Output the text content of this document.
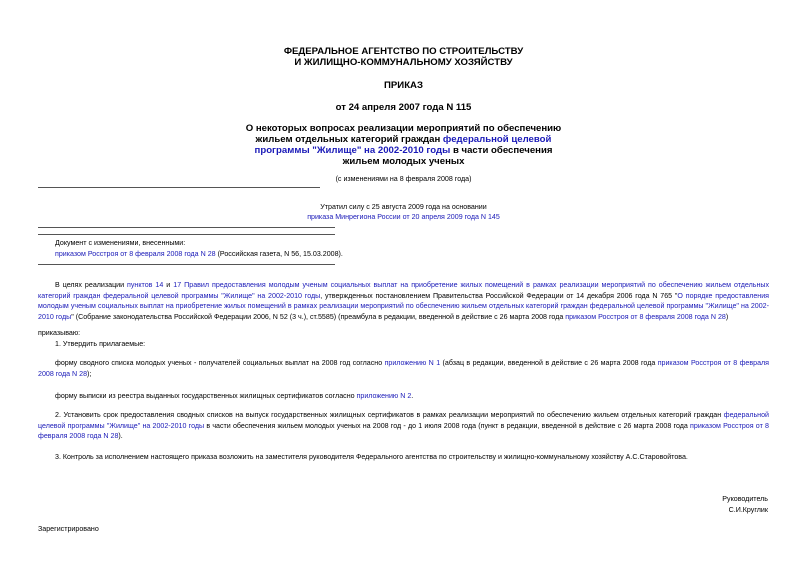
ФЕДЕРАЛЬНОЕ АГЕНТСТВО ПО СТРОИТЕЛЬСТВУ
И ЖИЛИЩНО-КОММУНАЛЬНОМУ ХОЗЯЙСТВУ
ПРИКАЗ
от 24 апреля 2007 года N 115
О некоторых вопросах реализации мероприятий по обеспечению
жильем отдельных категорий граждан федеральной целевой
программы "Жилище" на 2002-2010 годы в части обеспечения
жильем молодых ученых
(с изменениями на 8 февраля 2008 года)
Утратил силу с 25 августа 2009 года на основании
приказа Минрегиона России от 20 апреля 2009 года N 145
Документ с изменениями, внесенными:
приказом Росстроя от 8 февраля 2008 года N 28 (Российская газета, N 56, 15.03.2008).
В целях реализации пунктов 14 и 17 Правил предоставления молодым ученым социальных выплат на приобретение жилых помещений в рамках реализации мероприятий по обеспечению жильем отдельных категорий граждан федеральной целевой программы "Жилище" на 2002-2010 годы, утвержденных постановлением Правительства Российской Федерации от 14 декабря 2006 года N 765 "О порядке предоставления молодым ученым социальных выплат на приобретение жилых помещений в рамках реализации мероприятий по обеспечению жильем отдельных категорий граждан федеральной целевой программы "Жилище" на 2002-2010 годы" (Собрание законодательства Российской Федерации 2006, N 52 (3 ч.), ст.5585) (преамбула в редакции, введенной в действие с 26 марта 2008 года приказом Росстроя от 8 февраля 2008 года N 28)
приказываю:
1. Утвердить прилагаемые:
форму сводного списка молодых ученых - получателей социальных выплат на 2008 год согласно приложению N 1 (абзац в редакции, введенной в действие с 26 марта 2008 года приказом Росстроя от 8 февраля 2008 года N 28);
форму выписки из реестра выданных государственных жилищных сертификатов согласно приложению N 2.
2. Установить срок предоставления сводных списков на выпуск государственных жилищных сертификатов в рамках реализации мероприятий по обеспечению жильем отдельных категорий граждан федеральной целевой программы "Жилище" на 2002-2010 годы в части обеспечения жильем молодых ученых на 2008 год - до 1 июля 2008 года (пункт в редакции, введенной в действие с 26 марта 2008 года приказом Росстроя от 8 февраля 2008 года N 28).
3. Контроль за исполнением настоящего приказа возложить на заместителя руководителя Федерального агентства по строительству и жилищно-коммунальному хозяйству А.С.Старовойтова.
Руководитель
С.И.Круглик
Зарегистрировано
